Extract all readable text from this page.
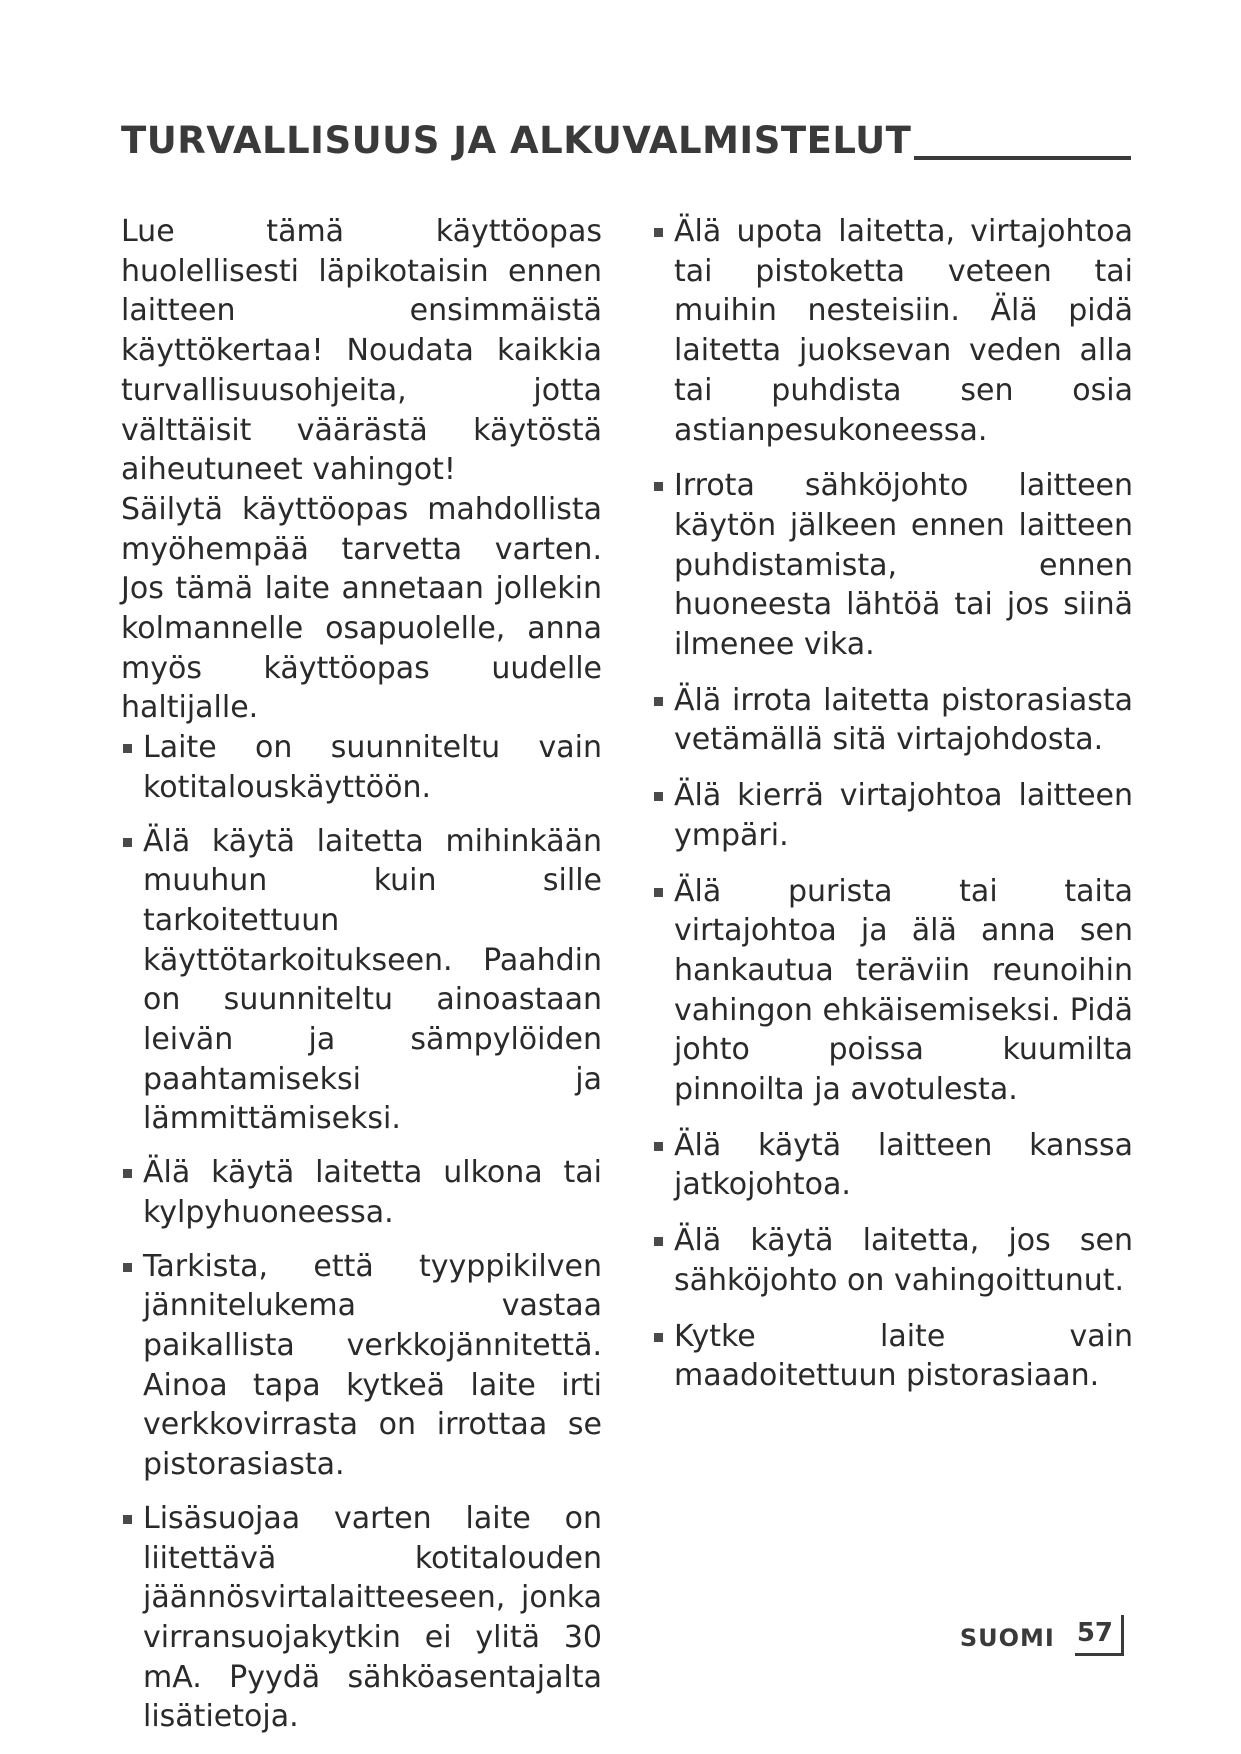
TURVALLISUUS JA ALKUVALMISTELUT

Lue tämä käyttöopas huolellisesti läpikotaisin ennen laitteen ensimmäistä käyttökertaa! Noudata kaikkia turvallisuusohjeita, jotta välttäisit väärästä käytöstä aiheutuneet vahingot!

Säilytä käyttöopas mahdollista myöhempää tarvetta varten. Jos tämä laite annetaan jollekin kolmannelle osapuolelle, anna myös käyttöopas uudelle haltijalle.

Laite on suunniteltu vain kotitalouskäyttöön.
Älä käytä laitetta mihinkään muuhun kuin sille tarkoitettuun käyttötarkoitukseen. Paahdin on suunniteltu ainoastaan leivän ja sämpylöiden paahtamiseksi ja lämmittämiseksi.
Älä käytä laitetta ulkona tai kylpyhuoneessa.
Tarkista, että tyyppikilven jännitelukema vastaa paikallista verkkojännitettä. Ainoa tapa kytkeä laite irti verkkovirrasta on irrottaa se pistorasiasta.
Lisäsuojaa varten laite on liitettävä kotitalouden jäännösvirtalaitteeseen, jonka virransuojakytkin ei ylitä 30 mA. Pyydä sähköasentajalta lisätietoja.
Älä upota laitetta, virtajohtoa tai pistoketta veteen tai muihin nesteisiin. Älä pidä laitetta juoksevan veden alla tai puhdista sen osia astianpesukoneessa.
Irrota sähköjohto laitteen käytön jälkeen ennen laitteen puhdistamista, ennen huoneesta lähtöä tai jos siinä ilmenee vika.
Älä irrota laitetta pistorasiasta vetämällä sitä virtajohdosta.
Älä kierrä virtajohtoa laitteen ympäri.
Älä purista tai taita virtajohtoa ja älä anna sen hankautua teräviin reunoihin vahingon ehkäisemiseksi. Pidä johto poissa kuumilta pinnoilta ja avotulesta.
Älä käytä laitteen kanssa jatkojohtoa.
Älä käytä laitetta, jos sen sähköjohto on vahingoittunut.
Kytke laite vain maadoitettuun pistorasiaan.
SUOMI 57
